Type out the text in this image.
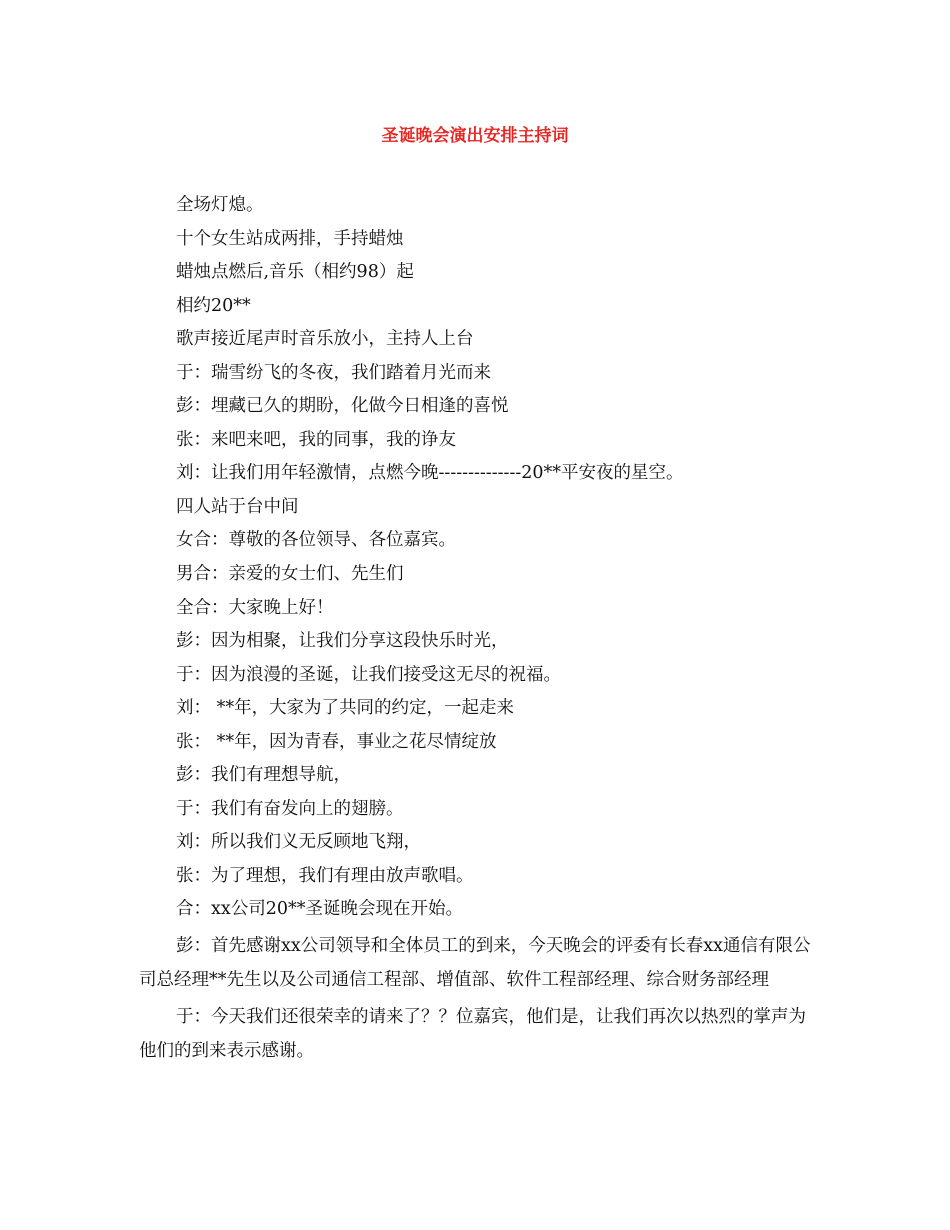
圣诞晚会演出安排主持词
全场灯熄。
十个女生站成两排，手持蜡烛
蜡烛点燃后,音乐（相约98）起
相约20**
歌声接近尾声时音乐放小，主持人上台
于：瑞雪纷飞的冬夜，我们踏着月光而来
彭：埋藏已久的期盼，化做今日相逢的喜悦
张：来吧来吧，我的同事，我的诤友
刘：让我们用年轻激情，点燃今晚--------------20**平安夜的星空。
四人站于台中间
女合：尊敬的各位领导、各位嘉宾。
男合：亲爱的女士们、先生们
全合：大家晚上好！
彭：因为相聚，让我们分享这段快乐时光，
于：因为浪漫的圣诞，让我们接受这无尽的祝福。
刘： **年，大家为了共同的约定，一起走来
张： **年，因为青春，事业之花尽情绽放
彭：我们有理想导航，
于：我们有奋发向上的翅膀。
刘：所以我们义无反顾地飞翔，
张：为了理想，我们有理由放声歌唱。
合：xx公司20**圣诞晚会现在开始。

彭：首先感谢xx公司领导和全体员工的到来，今天晚会的评委有长春xx通信有限公司总经理**先生以及公司通信工程部、增值部、软件工程部经理、综合财务部经理

于：今天我们还很荣幸的请来了？？位嘉宾，他们是，让我们再次以热烈的掌声为他们的到来表示感谢。
